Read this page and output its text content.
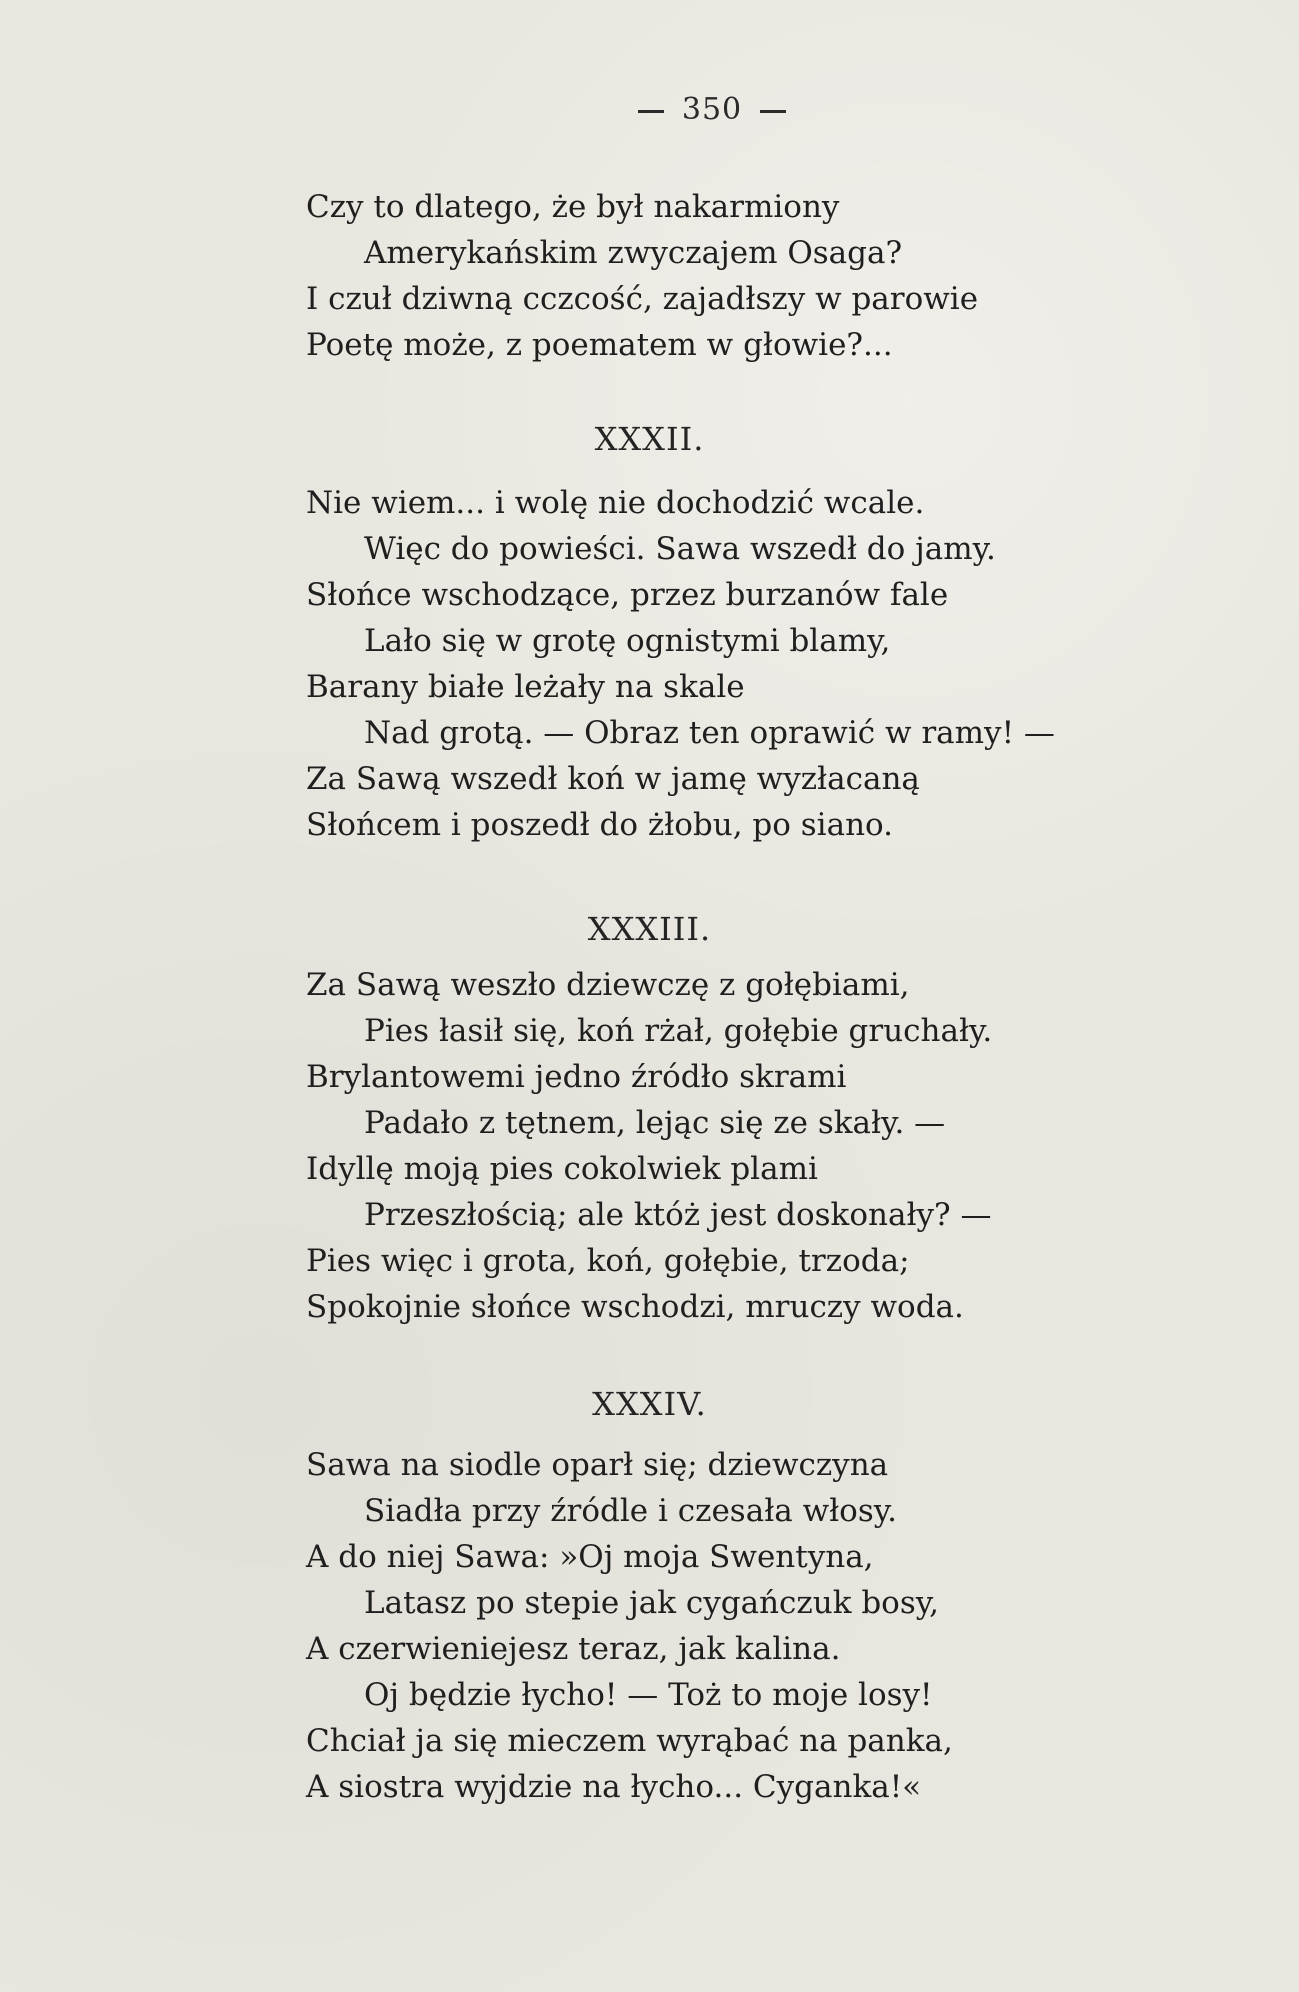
350
Czy to dlatego, że był nakarmiony
Amerykańskim zwyczajem Osaga?
I czuł dziwną cczcość, zajadłszy w parowie
Poetę może, z poematem w głowie?...
XXXII.
Nie wiem... i wolę nie dochodzić wcale.
Więc do powieści. Sawa wszedł do jamy.
Słońce wschodzące, przez burzanów fale
Lało się w grotę ognistymi blamy,
Barany białe leżały na skale
Nad grotą. — Obraz ten oprawić w ramy! —
Za Sawą wszedł koń w jamę wyzłacaną
Słońcem i poszedł do żłobu, po siano.
XXXIII.
Za Sawą weszło dziewczę z gołębiami,
Pies łasił się, koń rżał, gołębie gruchały.
Brylantowemi jedno źródło skrami
Padało z tętnem, lejąc się ze skały. —
Idyllę moją pies cokolwiek plami
Przeszłością; ale któż jest doskonały? —
Pies więc i grota, koń, gołębie, trzoda;
Spokojnie słońce wschodzi, mruczy woda.
XXXIV.
Sawa na siodle oparł się; dziewczyna
Siadła przy źródle i czesała włosy.
A do niej Sawa: »Oj moja Swentyna,
Latasz po stepie jak cygańczuk bosy,
A czerwieniejesz teraz, jak kalina.
Oj będzie łycho! — Toż to moje losy!
Chciał ja się mieczem wyrąbać na panka,
A siostra wyjdzie na łycho... Cyganka!«
